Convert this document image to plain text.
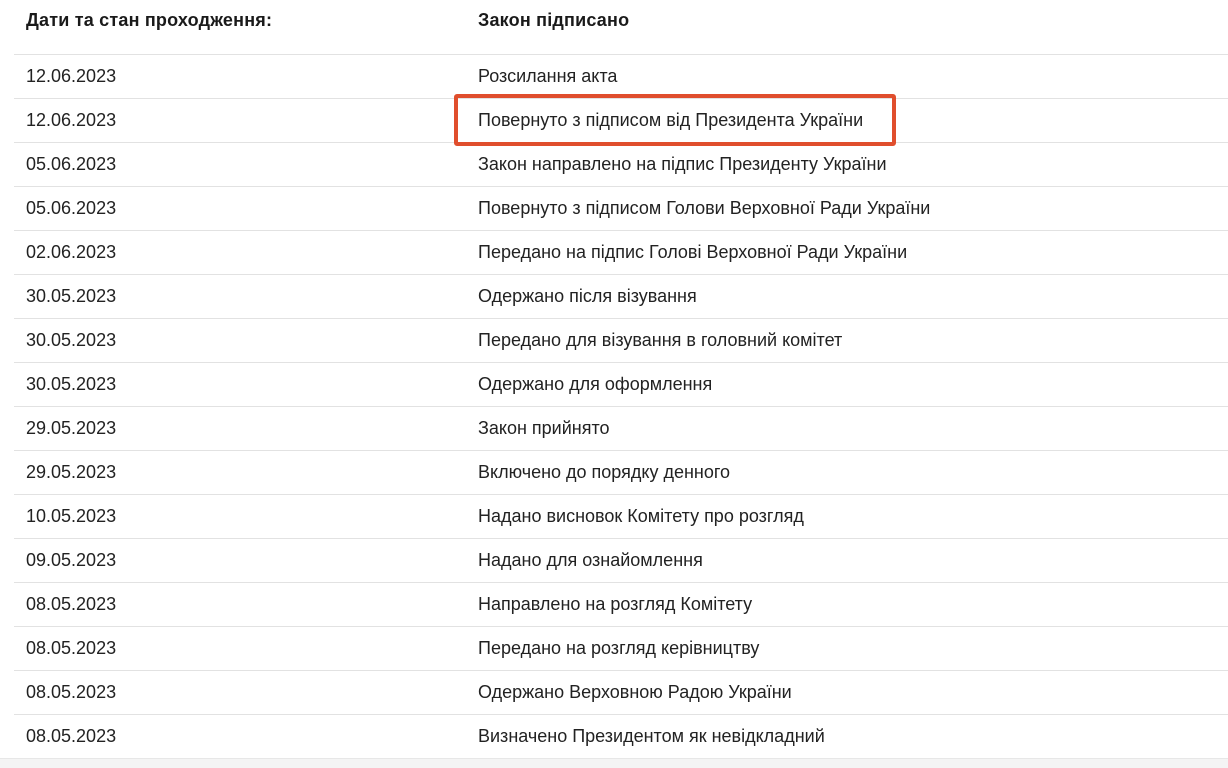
Дати та стан проходження:	Закон підписано
12.06.2023	Розсилання акта
12.06.2023	Повернуто з підписом від Президента України
05.06.2023	Закон направлено на підпис Президенту України
05.06.2023	Повернуто з підписом Голови Верховної Ради України
02.06.2023	Передано на підпис Голові Верховної Ради України
30.05.2023	Одержано після візування
30.05.2023	Передано для візування в головний комітет
30.05.2023	Одержано для оформлення
29.05.2023	Закон прийнято
29.05.2023	Включено до порядку денного
10.05.2023	Надано висновок Комітету про розгляд
09.05.2023	Надано для ознайомлення
08.05.2023	Направлено на розгляд Комітету
08.05.2023	Передано на розгляд керівництву
08.05.2023	Одержано Верховною Радою України
08.05.2023	Визначено Президентом як невідкладний
